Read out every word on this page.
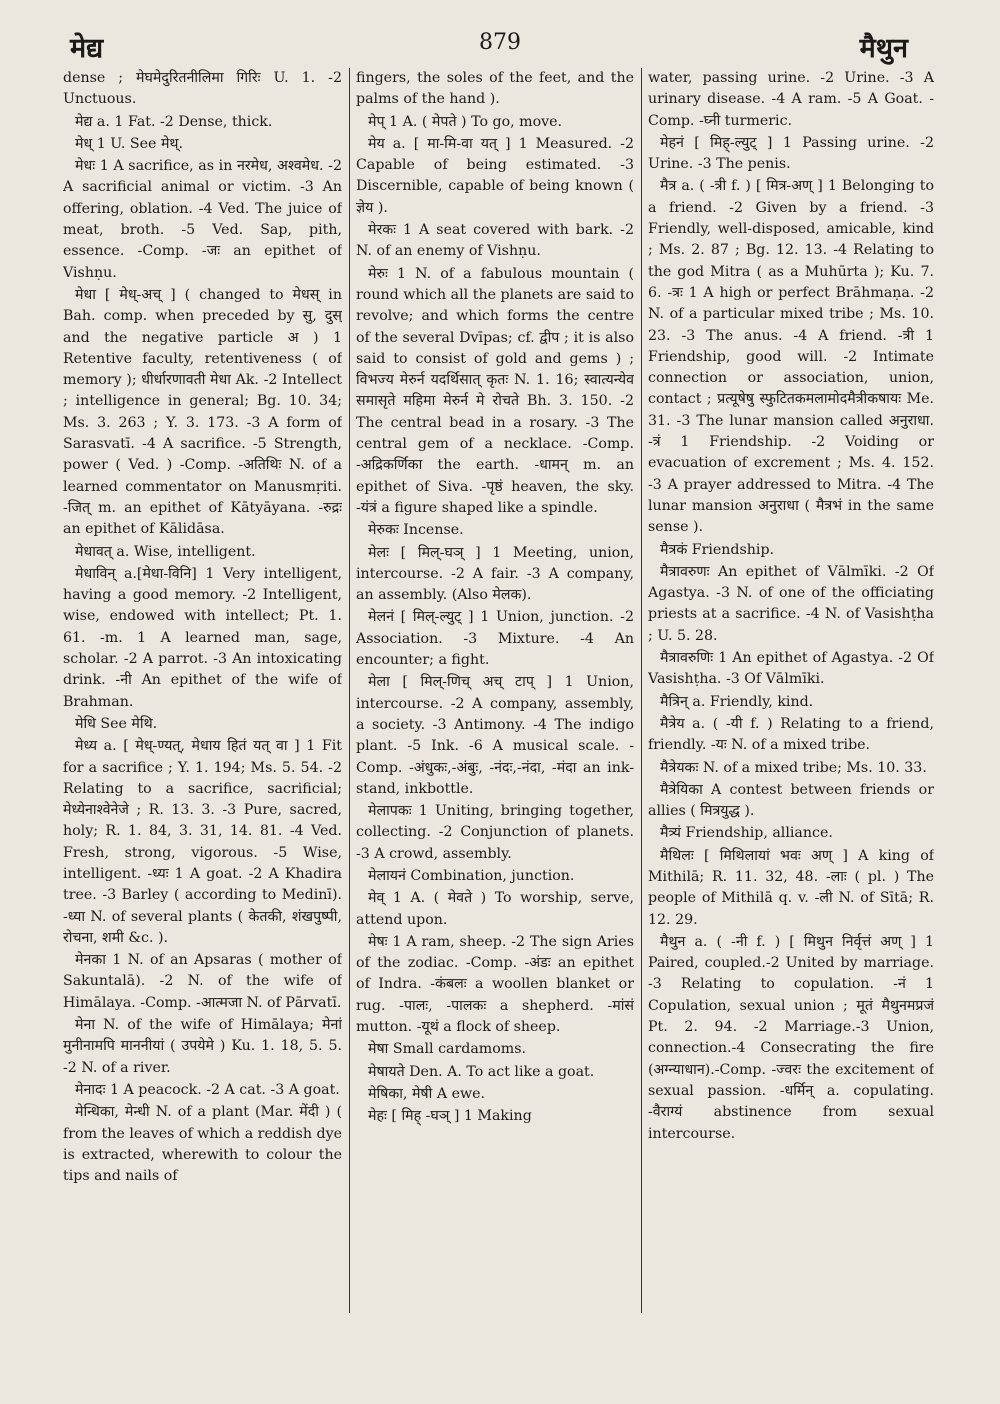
मेद्य	879	मैथुन

dense ; मेघमेदुरितनीलिमा गिरिः U. 1. -2 Unctuous.

मेद्य a. 1 Fat. -2 Dense, thick.

मेध् 1 U. See मेथ्.

मेधः 1 A sacrifice, as in नरमेध, अश्वमेध. -2 A sacrificial animal or victim. -3 An offering, oblation. -4 Ved. The juice of meat, broth. -5 Ved. Sap, pith, essence. -Comp. -जः an epithet of Vishṇu.

मेधा [ मेध्-अच् ] ( changed to मेधस् in Bah. comp. when preceded by सु, दुस् and the negative particle अ ) 1 Retentive faculty, retentiveness ( of memory ); धीर्धारणावती मेधा Ak. -2 Intellect ; intelligence in general; Bg. 10. 34; Ms. 3. 263 ; Y. 3. 173. -3 A form of Sarasvatī. -4 A sacrifice. -5 Strength, power ( Ved. ) -Comp. -अतिथिः N. of a learned commentator on Manusmṛiti. -जित् m. an epithet of Kātyāyana. -रुद्रः an epithet of Kālidāsa.

मेधावत् a. Wise, intelligent.

मेधाविन् a.[मेधा-विनि] 1 Very intelligent, having a good memory. -2 Intelligent, wise, endowed with intellect; Pt. 1. 61. -m. 1 A learned man, sage, scholar. -2 A parrot. -3 An intoxicating drink. -नी An epithet of the wife of Brahman.

मेधि See मेथि.

मेध्य a. [ मेध्-ण्यत्, मेधाय हितं यत् वा ] 1 Fit for a sacrifice ; Y. 1. 194; Ms. 5. 54. -2 Relating to a sacrifice, sacrificial; मेध्येनाश्वेनेजे ; R. 13. 3. -3 Pure, sacred, holy; R. 1. 84, 3. 31, 14. 81. -4 Ved. Fresh, strong, vigorous. -5 Wise, intelligent. -ध्यः 1 A goat. -2 A Khadira tree. -3 Barley ( according to Medinī). -ध्या N. of several plants ( केतकी, शंखपुष्पी, रोचना, शमी &c. ).

मेनका 1 N. of an Apsaras ( mother of Sakuntalā). -2 N. of the wife of Himālaya. -Comp. -आत्मजा N. of Pārvatī.

मेना N. of the wife of Himālaya; मेनां मुनीनामपि माननीयां ( उपयेमे ) Ku. 1. 18, 5. 5. -2 N. of a river.

मेनादः 1 A peacock. -2 A cat. -3 A goat.

मेन्धिका, मेन्धी N. of a plant (Mar. मेंदी ) ( from the leaves of which a reddish dye is extracted, wherewith to colour the tips and nails of

fingers, the soles of the feet, and the palms of the hand ).

मेप् 1 A. ( मेपते ) To go, move.

मेय a. [ मा-मि-वा यत् ] 1 Measured. -2 Capable of being estimated. -3 Discernible, capable of being known ( ज्ञेय ).

मेरकः 1 A seat covered with bark. -2 N. of an enemy of Vishṇu.

मेरुः 1 N. of a fabulous mountain ( round which all the planets are said to revolve; and which forms the centre of the several Dvīpas; cf. द्वीप ; it is also said to consist of gold and gems ) ; विभज्य मेरुर्न यदर्थिसात् कृतः N. 1. 16; स्वात्यन्येव समासृते महिमा मेरुर्न मे रोचते Bh. 3. 150. -2 The central bead in a rosary. -3 The central gem of a necklace. -Comp. -अद्रिकर्णिका the earth. -धामन् m. an epithet of Siva. -पृष्ठं heaven, the sky. -यंत्रं a figure shaped like a spindle.

मेरुकः Incense.

मेलः [ मिल्-घञ् ] 1 Meeting, union, intercourse. -2 A fair. -3 A company, an assembly. (Also मेलक).

मेलनं [ मिल्-ल्युट् ] 1 Union, junction. -2 Association. -3 Mixture. -4 An encounter; a fight.

मेला [ मिल्-णिच् अच् टाप् ] 1 Union, intercourse. -2 A company, assembly, a society. -3 Antimony. -4 The indigo plant. -5 Ink. -6 A musical scale. -Comp. -अंधुकः,-अंबुः, -नंदः,-नंदा, -मंदा an ink-stand, inkbottle.

मेलापकः 1 Uniting, bringing together, collecting. -2 Conjunction of planets. -3 A crowd, assembly.

मेलायनं Combination, junction.

मेव् 1 A. ( मेवते ) To worship, serve, attend upon.

मेषः 1 A ram, sheep. -2 The sign Aries of the zodiac. -Comp. -अंडः an epithet of Indra. -कंबलः a woollen blanket or rug. -पालः, -पालकः a shepherd. -मांसं mutton. -यूथं a flock of sheep.

मेषा Small cardamoms.

मेषायते Den. A. To act like a goat.

मेषिका, मेषी A ewe.

मेहः [ मिह् -घञ् ] 1 Making

water, passing urine. -2 Urine. -3 A urinary disease. -4 A ram. -5 A Goat. -Comp. -घ्नी turmeric.

मेहनं [ मिह्-ल्युट् ] 1 Passing urine. -2 Urine. -3 The penis.

मैत्र a. ( -त्री f. ) [ मित्र-अण् ] 1 Belonging to a friend. -2 Given by a friend. -3 Friendly, well-disposed, amicable, kind ; Ms. 2. 87 ; Bg. 12. 13. -4 Relating to the god Mitra ( as a Muhūrta ); Ku. 7. 6. -त्रः 1 A high or perfect Brāhmaṇa. -2 N. of a particular mixed tribe ; Ms. 10. 23. -3 The anus. -4 A friend. -त्री 1 Friendship, good will. -2 Intimate connection or association, union, contact ; प्रत्यूषेषु स्फुटितकमलामोदमैत्रीकषायः Me. 31. -3 The lunar mansion called अनुराधा. -त्रं 1 Friendship. -2 Voiding or evacuation of excrement ; Ms. 4. 152. -3 A prayer addressed to Mitra. -4 The lunar mansion अनुराधा ( मैत्रभं in the same sense ).

मैत्रकं Friendship.

मैत्रावरुणः An epithet of Vālmīki. -2 Of Agastya. -3 N. of one of the officiating priests at a sacrifice. -4 N. of Vasishṭha ; U. 5. 28.

मैत्रावरुणिः 1 An epithet of Agastya. -2 Of Vasishṭha. -3 Of Vālmīki.

मैत्रिन् a. Friendly, kind.

मैत्रेय a. ( -यी f. ) Relating to a friend, friendly. -यः N. of a mixed tribe.

मैत्रेयकः N. of a mixed tribe; Ms. 10. 33.

मैत्रेयिका A contest between friends or allies ( मित्रयुद्ध ).

मैत्र्यं Friendship, alliance.

मैथिलः [ मिथिलायां भवः अण् ] A king of Mithilā; R. 11. 32, 48. -लाः ( pl. ) The people of Mithilā q. v. -ली N. of Sītā; R. 12. 29.

मैथुन a. ( -नी f. ) [ मिथुन निर्वृत्तं अण् ] 1 Paired, coupled.-2 United by marriage. -3 Relating to copulation. -नं 1 Copulation, sexual union ; मूतं मैथुनमप्रजं Pt. 2. 94. -2 Marriage.-3 Union, connection.-4 Consecrating the fire (अग्न्याधान).-Comp. -ज्वरः the excitement of sexual passion. -धर्मिन् a. copulating. -वैराग्यं abstinence from sexual intercourse.
